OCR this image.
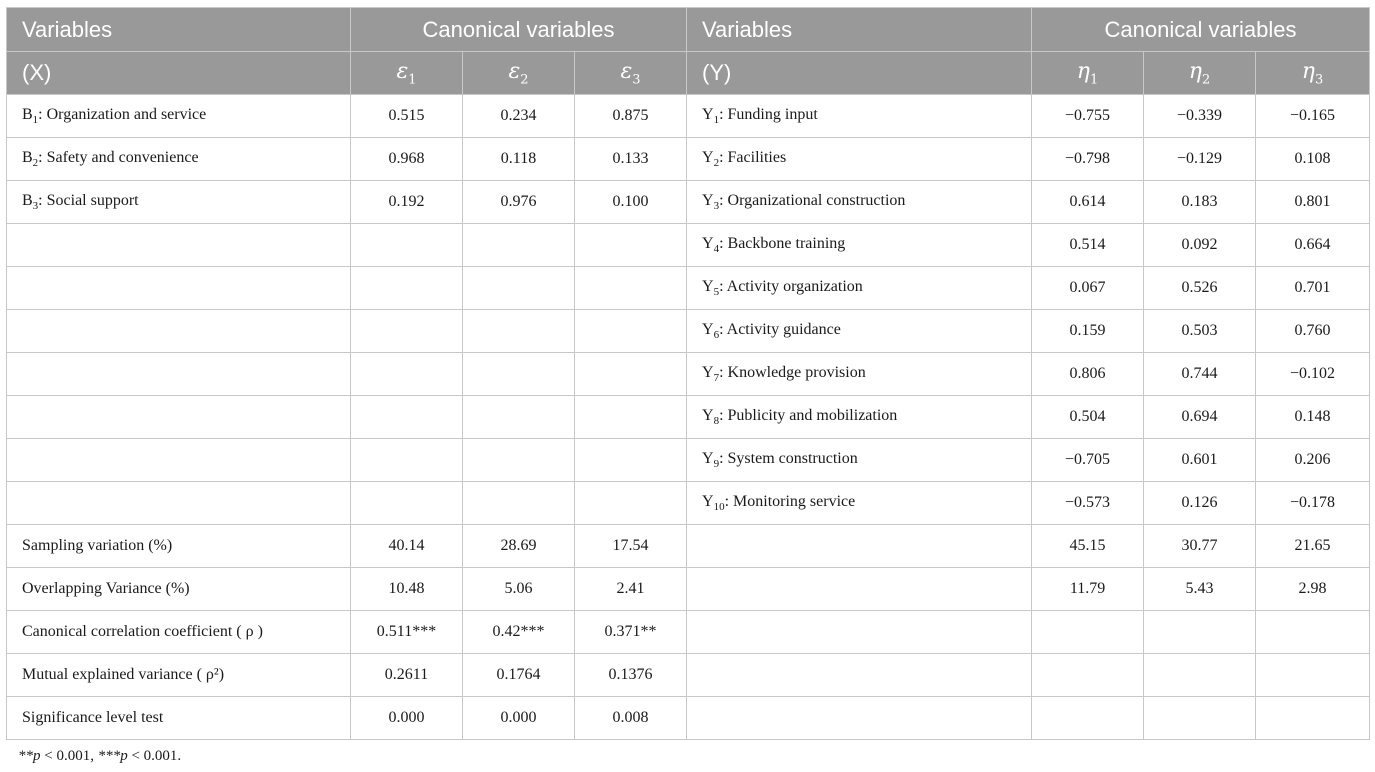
Variables	Canonical variables			Variables	Canonical variables		
(X)	$\varepsilon_1$	$\varepsilon_2$	$\varepsilon_3$	(Y)	$\eta_1$	$\eta_2$	$\eta_3$
$B_1$: Organization and service	0.515	0.234	0.875	$Y_1$: Funding input	−0.755	−0.339	−0.165
$B_2$: Safety and convenience	0.968	0.118	0.133	$Y_2$: Facilities	−0.798	−0.129	0.108
$B_3$: Social support	0.192	0.976	0.100	$Y_3$: Organizational construction	0.614	0.183	0.801
				$Y_4$: Backbone training	0.514	0.092	0.664
				$Y_5$: Activity organization	0.067	0.526	0.701
				$Y_6$: Activity guidance	0.159	0.503	0.760
				$Y_7$: Knowledge provision	0.806	0.744	−0.102
				$Y_8$: Publicity and mobilization	0.504	0.694	0.148
				$Y_9$: System construction	−0.705	0.601	0.206
				$Y_{10}$: Monitoring service	−0.573	0.126	−0.178
Sampling variation (%)	40.14	28.69	17.54		45.15	30.77	21.65
Overlapping Variance (%)	10.48	5.06	2.41		11.79	5.43	2.98
Canonical correlation coefficient ( ρ )	0.511***	0.42***	0.371**				
Mutual explained variance ( ρ²)	0.2611	0.1764	0.1376				
Significance level test	0.000	0.000	0.008				
**p < 0.001, ***p < 0.001.
